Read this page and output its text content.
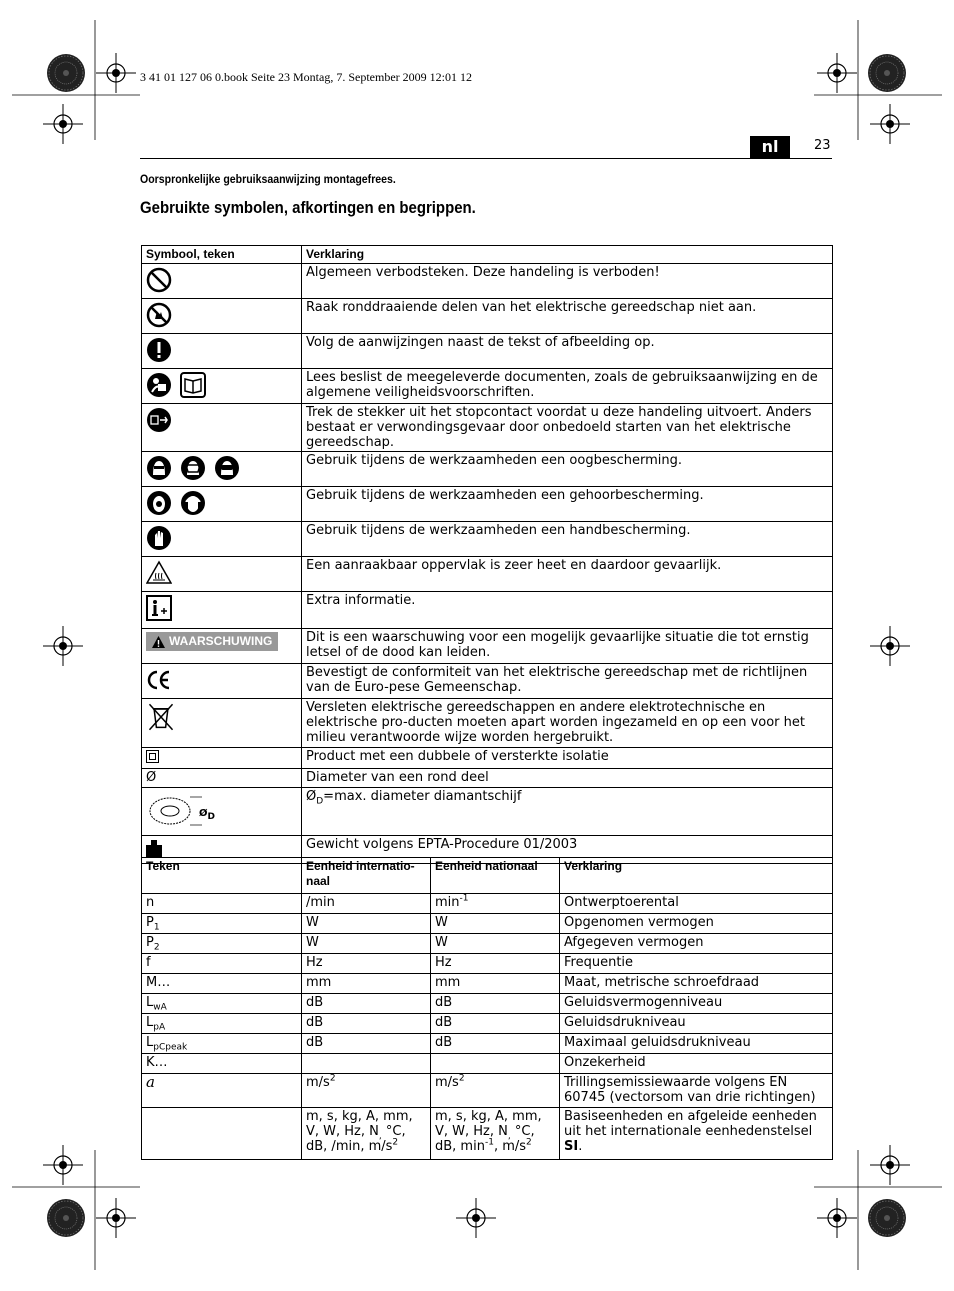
3 41 01 127 06 0.book Seite 23 Montag, 7. September 2009 12:01 12
nl	23
Oorspronkelijke gebruiksaanwijzing montagefrees.
Gebruikte symbolen, afkortingen en begrippen.
Symbool, teken	Verklaring

	Algemeen verbodsteken. Deze handeling is verboden!

	Raak ronddraaiende delen van het elektrische gereedschap niet aan.

	Volg de aanwijzingen naast de tekst of afbeelding op.

	Lees beslist de meegeleverde documenten, zoals de gebruiksaanwijzing en de algemene veiligheidsvoorschriften.

	Trek de stekker uit het stopcontact voordat u deze handeling uitvoert. Anders bestaat er verwondingsgevaar door onbedoeld starten van het elektrische gereedschap.

	Gebruik tijdens de werkzaamheden een oogbescherming.

	Gebruik tijdens de werkzaamheden een gehoorbescherming.

	Gebruik tijdens de werkzaamheden een handbescherming.

	Een aanraakbaar oppervlak is zeer heet en daardoor gevaarlijk.

	Extra informatie.

WAARSCHUWING	Dit is een waarschuwing voor een mogelijk gevaarlijke situatie die tot ernstig letsel of de dood kan leiden.

	Bevestigt de conformiteit van het elektrische gereedschap met de richtlijnen van de Euro-pese Gemeenschap.

	Versleten elektrische gereedschappen en andere elektrotechnische en elektrische pro-ducten moeten apart worden ingezameld en op een voor het milieu verantwoorde wijze worden hergebruikt.
	Product met een dubbele of versterkte isolatie
Ø	Diameter van een rond deel

$Ø_D$	$Ø_D=\max$. diameter diamantschijf
	Gewicht volgens EPTA-Procedure 01/2003
Teken	Eenheid internatio-naal	Eenheid nationaal	Verklaring
n	/min	$\min^{-1}$	Ontwerptoerental
$P_1$	W	W	Opgenomen vermogen
$P_2$	W	W	Afgegeven vermogen
f	Hz	Hz	Frequentie
M…	mm	mm	Maat, metrische schroefdraad
$L_{wA}$	dB	dB	Geluidsvermogenniveau
$L_{pA}$	dB	dB	Geluidsdrukniveau
$L_{pCpeak}$	dB	dB	Maximaal geluidsdrukniveau
K…			Onzekerheid
a	$m/s^2$	$m/s^2$	Trillingsemissiewaarde volgens EN 60745 (vectorsom van drie richtingen)
	m, s, kg, A, mm, V, W, Hz, $N_,$ °C, dB, /min, $m/s^2$	m, s, kg, A, mm, V, W, Hz, $N_,$ °C, dB, $\min^{-1}$, $m/s^2$	Basiseenheden en afgeleide eenheden uit het internationale eenhedenstelsel SI.
